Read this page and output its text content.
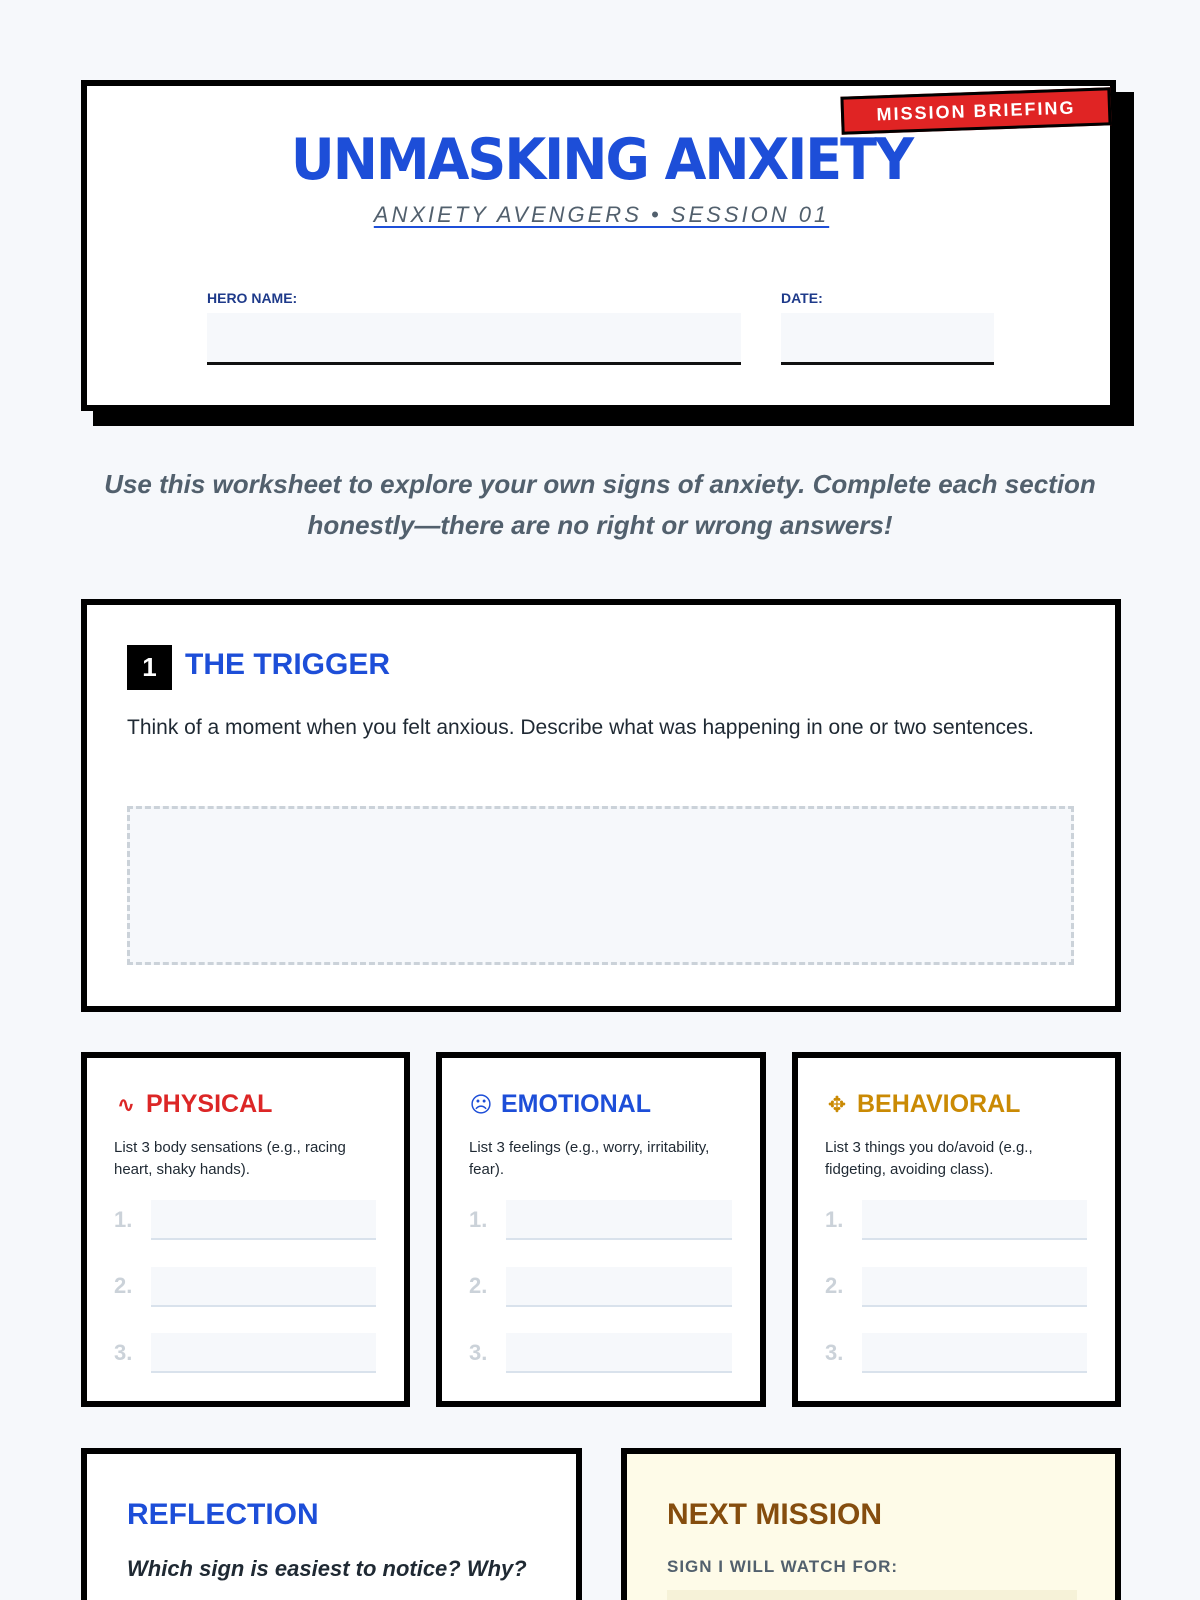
MISSION BRIEFING
UNMASKING ANXIETY
ANXIETY AVENGERS • SESSION 01
HERO NAME:	DATE:
Use this worksheet to explore your own signs of anxiety. Complete each section honestly—there are no right or wrong answers!
1 THE TRIGGER
Think of a moment when you felt anxious. Describe what was happening in one or two sentences.
∿ PHYSICAL
List 3 body sensations (e.g., racing heart, shaky hands).
1.
2.
3.
☹ EMOTIONAL
List 3 feelings (e.g., worry, irritability, fear).
1.
2.
3.
✥ BEHAVIORAL
List 3 things you do/avoid (e.g., fidgeting, avoiding class).
1.
2.
3.
REFLECTION
Which sign is easiest to notice? Why?
NEXT MISSION
SIGN I WILL WATCH FOR:
